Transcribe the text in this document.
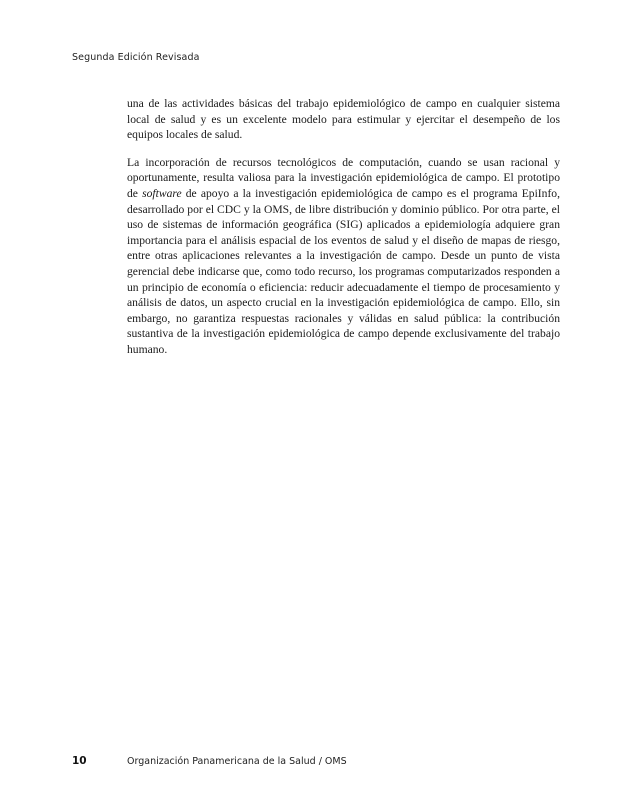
Segunda Edición Revisada

una de las actividades básicas del trabajo epidemiológico de campo en cualquier sistema local de salud y es un excelente modelo para estimular y ejercitar el desempeño de los equipos locales de salud.

La incorporación de recursos tecnológicos de computación, cuando se usan racional y oportunamente, resulta valiosa para la investigación epidemiológica de campo. El prototipo de software de apoyo a la investigación epidemiológica de campo es el programa EpiInfo, desarrollado por el CDC y la OMS, de libre distribución y dominio público. Por otra parte, el uso de sistemas de información geográfica (SIG) aplicados a epidemiología adquiere gran importancia para el análisis espacial de los eventos de salud y el diseño de mapas de riesgo, entre otras aplicaciones relevantes a la investigación de campo. Desde un punto de vista gerencial debe indicarse que, como todo recurso, los programas computarizados responden a un principio de economía o eficiencia: reducir adecuadamente el tiempo de procesamiento y análisis de datos, un aspecto crucial en la investigación epidemiológica de campo. Ello, sin embargo, no garantiza respuestas racionales y válidas en salud pública: la contribución sustantiva de la investigación epidemiológica de campo depende exclusivamente del trabajo humano.

10	Organización Panamericana de la Salud / OMS
